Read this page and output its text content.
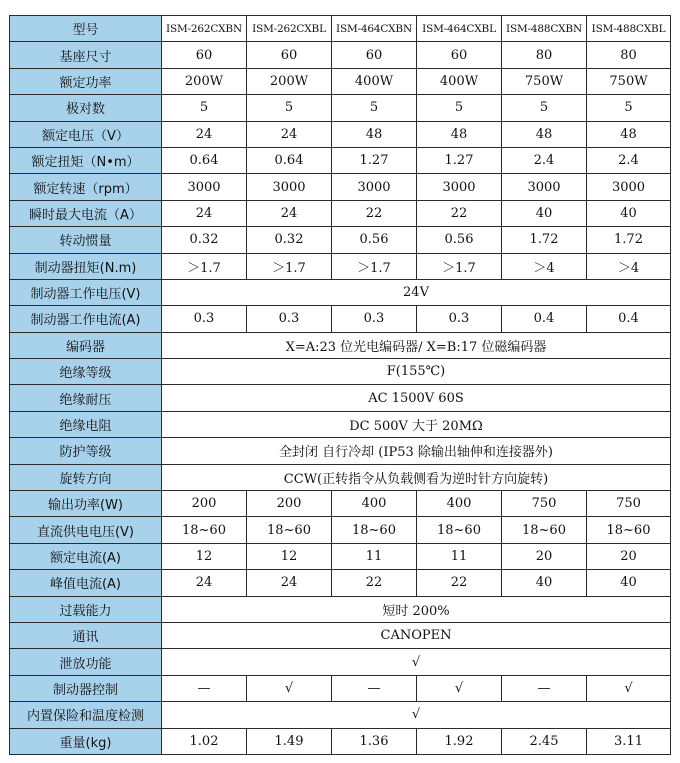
型号	ISM-262CXBN	ISM-262CXBL	ISM-464CXBN	ISM-464CXBL	ISM-488CXBN	ISM-488CXBL
基座尺寸	60	60	60	60	80	80
额定功率	200W	200W	400W	400W	750W	750W
极对数	5	5	5	5	5	5
额定电压（V）	24	24	48	48	48	48
额定扭矩（N•m）	0.64	0.64	1.27	1.27	2.4	2.4
额定转速（rpm）	3000	3000	3000	3000	3000	3000
瞬时最大电流（A）	24	24	22	22	40	40
转动惯量	0.32	0.32	0.56	0.56	1.72	1.72
制动器扭矩(N.m)	＞1.7	＞1.7	＞1.7	＞1.7	＞4	＞4
制动器工作电压(V)	24V					
制动器工作电流(A)	0.3	0.3	0.3	0.3	0.4	0.4
编码器	X=A:23 位光电编码器/ X=B:17 位磁编码器					
绝缘等级	F(155℃)					
绝缘耐压	AC 1500V 60S					
绝缘电阻	DC 500V 大于 20MΩ					
防护等级	全封闭 自行冷却 (IP53 除输出轴伸和连接器外)					
旋转方向	CCW(正转指令从负载侧看为逆时针方向旋转)					
输出功率(W)	200	200	400	400	750	750
直流供电电压(V)	18~60	18~60	18~60	18~60	18~60	18~60
额定电流(A)	12	12	11	11	20	20
峰值电流(A)	24	24	22	22	40	40
过载能力	短时 200%					
通讯	CANOPEN					
泄放功能	√					
制动器控制	—	√	—	√	—	√
内置保险和温度检测	√					
重量(kg)	1.02	1.49	1.36	1.92	2.45	3.11
